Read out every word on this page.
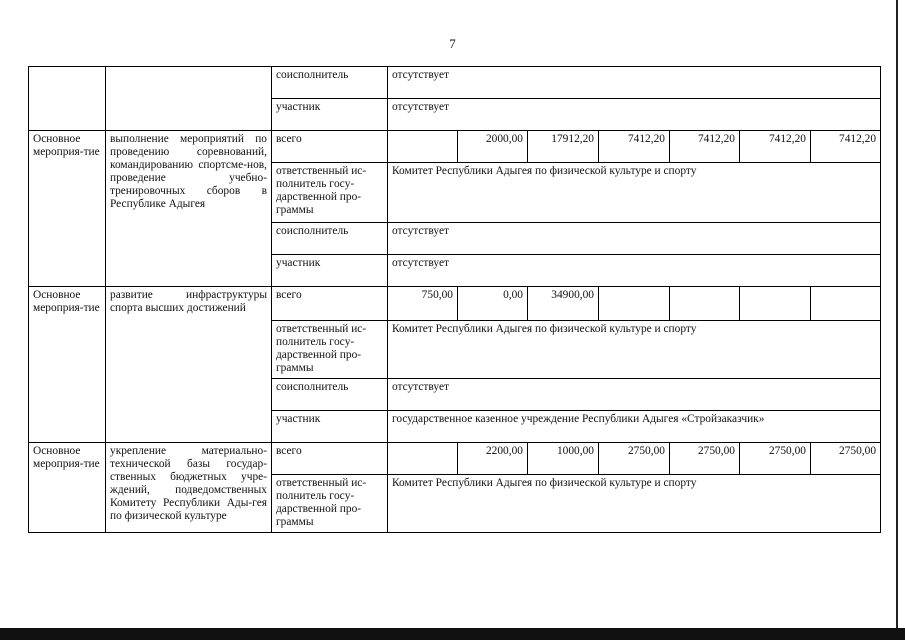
7
		соисполнитель	отсутствует						
		участник	отсутствует						
Основное мероприя-тие	выполнение мероприятий по проведению соревнований, командированию спортсме-нов, проведение учебно-тренировочных сборов в Республике Адыгея	всего		2000,00	17912,20	7412,20	7412,20	7412,20	7412,20

ответственный ис-
полнитель гocy-
дарственной про-
граммы	Комитет Республики Адыгея по физической культуре и спорту						
		соисполнитель	отсутствует						
		участник	отсутствует						
Основное мероприя-тие	развитие инфраструктуры спорта высших достижений	всего	750,00	0,00	34900,00				

ответственный ис-
полнитель гocy-
дарственной про-
граммы	Комитет Республики Адыгея по физической культуре и спорту						
		соисполнитель	отсутствует						
		участник	государственное казенное учреждение Республики Адыгея «Стройзаказчик»						
Основное мероприя-тие	укрепление материально-технической базы государ-ственных бюджетных учре-ждений, подведомственных Комитету Республики Ады-гея по физической культуре	всего		2200,00	1000,00	2750,00	2750,00	2750,00	2750,00

ответственный ис-
полнитель гocy-
дарственной про-
граммы	Комитет Республики Адыгея по физической культуре и спорту						
